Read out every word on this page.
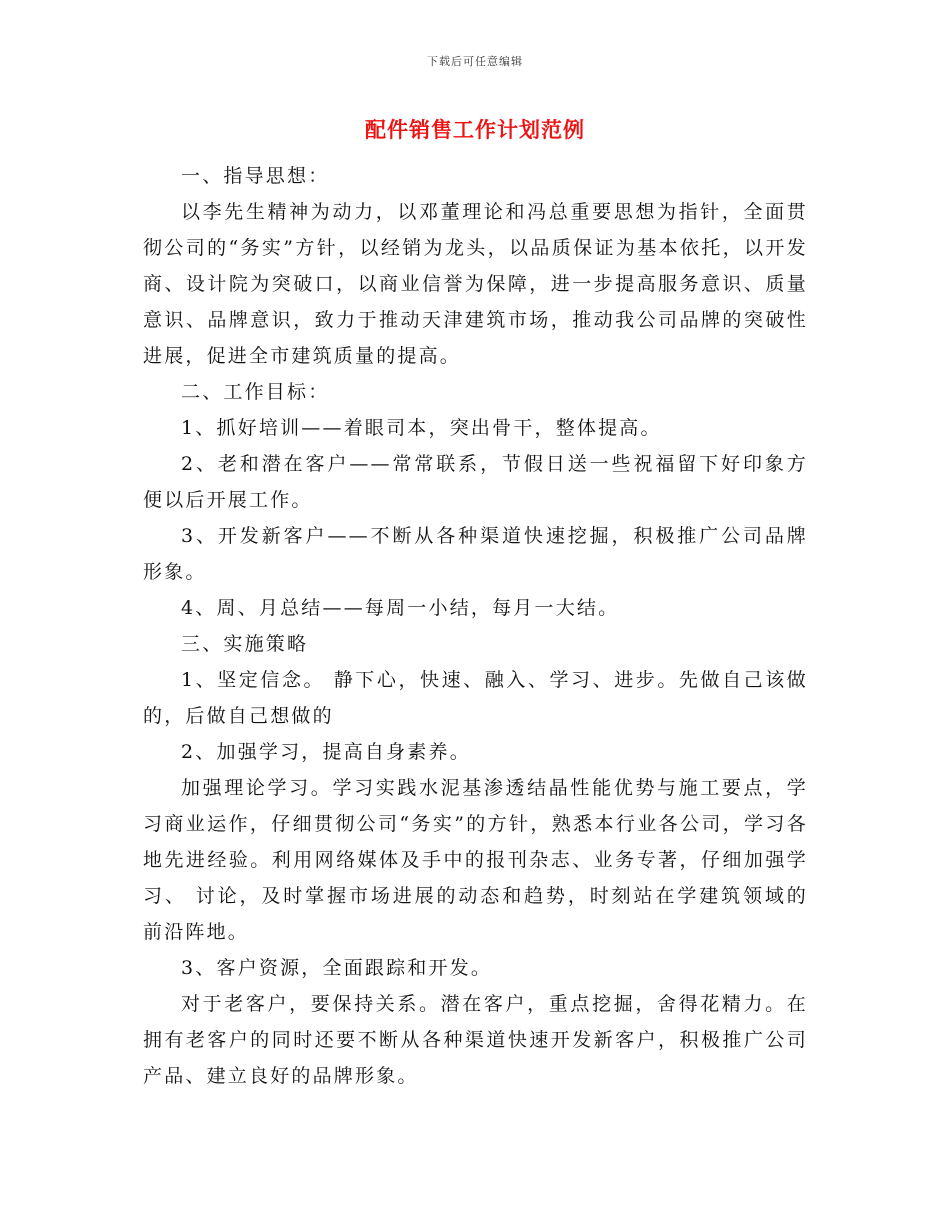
下载后可任意编辑
配件销售工作计划范例

一、指导思想：

以李先生精神为动力，以邓董理论和冯总重要思想为指针，全面贯彻公司的“务实”方针，以经销为龙头，以品质保证为基本依托，以开发商、设计院为突破口，以商业信誉为保障，进一步提高服务意识、质量意识、品牌意识，致力于推动天津建筑市场，推动我公司品牌的突破性进展，促进全市建筑质量的提高。

二、工作目标：

1、抓好培训——着眼司本，突出骨干，整体提高。

2、老和潜在客户——常常联系，节假日送一些祝福留下好印象方便以后开展工作。

3、开发新客户——不断从各种渠道快速挖掘，积极推广公司品牌形象。

4、周、月总结——每周一小结，每月一大结。

三、实施策略

1、坚定信念。 静下心，快速、融入、学习、进步。先做自己该做的，后做自己想做的

2、加强学习，提高自身素养。

加强理论学习。学习实践水泥基渗透结晶性能优势与施工要点，学习商业运作，仔细贯彻公司“务实”的方针，熟悉本行业各公司，学习各地先进经验。利用网络媒体及手中的报刊杂志、业务专著，仔细加强学习、 讨论，及时掌握市场进展的动态和趋势，时刻站在学建筑领域的前沿阵地。

3、客户资源，全面跟踪和开发。

对于老客户，要保持关系。潜在客户，重点挖掘，舍得花精力。在拥有老客户的同时还要不断从各种渠道快速开发新客户，积极推广公司产品、建立良好的品牌形象。
